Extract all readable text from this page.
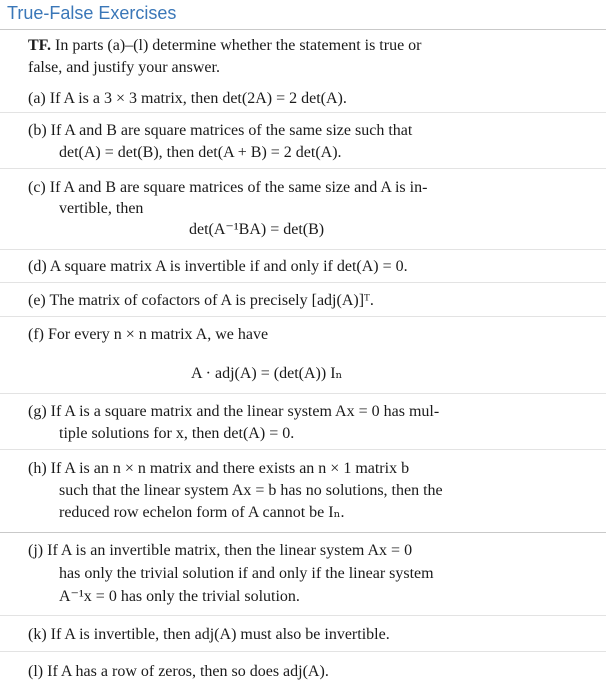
True-False Exercises
TF. In parts (a)–(l) determine whether the statement is true or
false, and justify your answer.
(a) If A is a 3 × 3 matrix, then det(2A) = 2 det(A).
(b) If A and B are square matrices of the same size such that
det(A) = det(B), then det(A + B) = 2 det(A).
(c) If A and B are square matrices of the same size and A is in-
vertible, then
det(A⁻¹BA) = det(B)
(d) A square matrix A is invertible if and only if det(A) = 0.
(e) The matrix of cofactors of A is precisely [adj(A)]ᵀ.
(f) For every n × n matrix A, we have
A · adj(A) = (det(A)) Iₙ
(g) If A is a square matrix and the linear system Ax = 0 has mul-
tiple solutions for x, then det(A) = 0.
(h) If A is an n × n matrix and there exists an n × 1 matrix b
such that the linear system Ax = b has no solutions, then the
reduced row echelon form of A cannot be Iₙ.
(j) If A is an invertible matrix, then the linear system Ax = 0
has only the trivial solution if and only if the linear system
A⁻¹x = 0 has only the trivial solution.
(k) If A is invertible, then adj(A) must also be invertible.
(l) If A has a row of zeros, then so does adj(A).
